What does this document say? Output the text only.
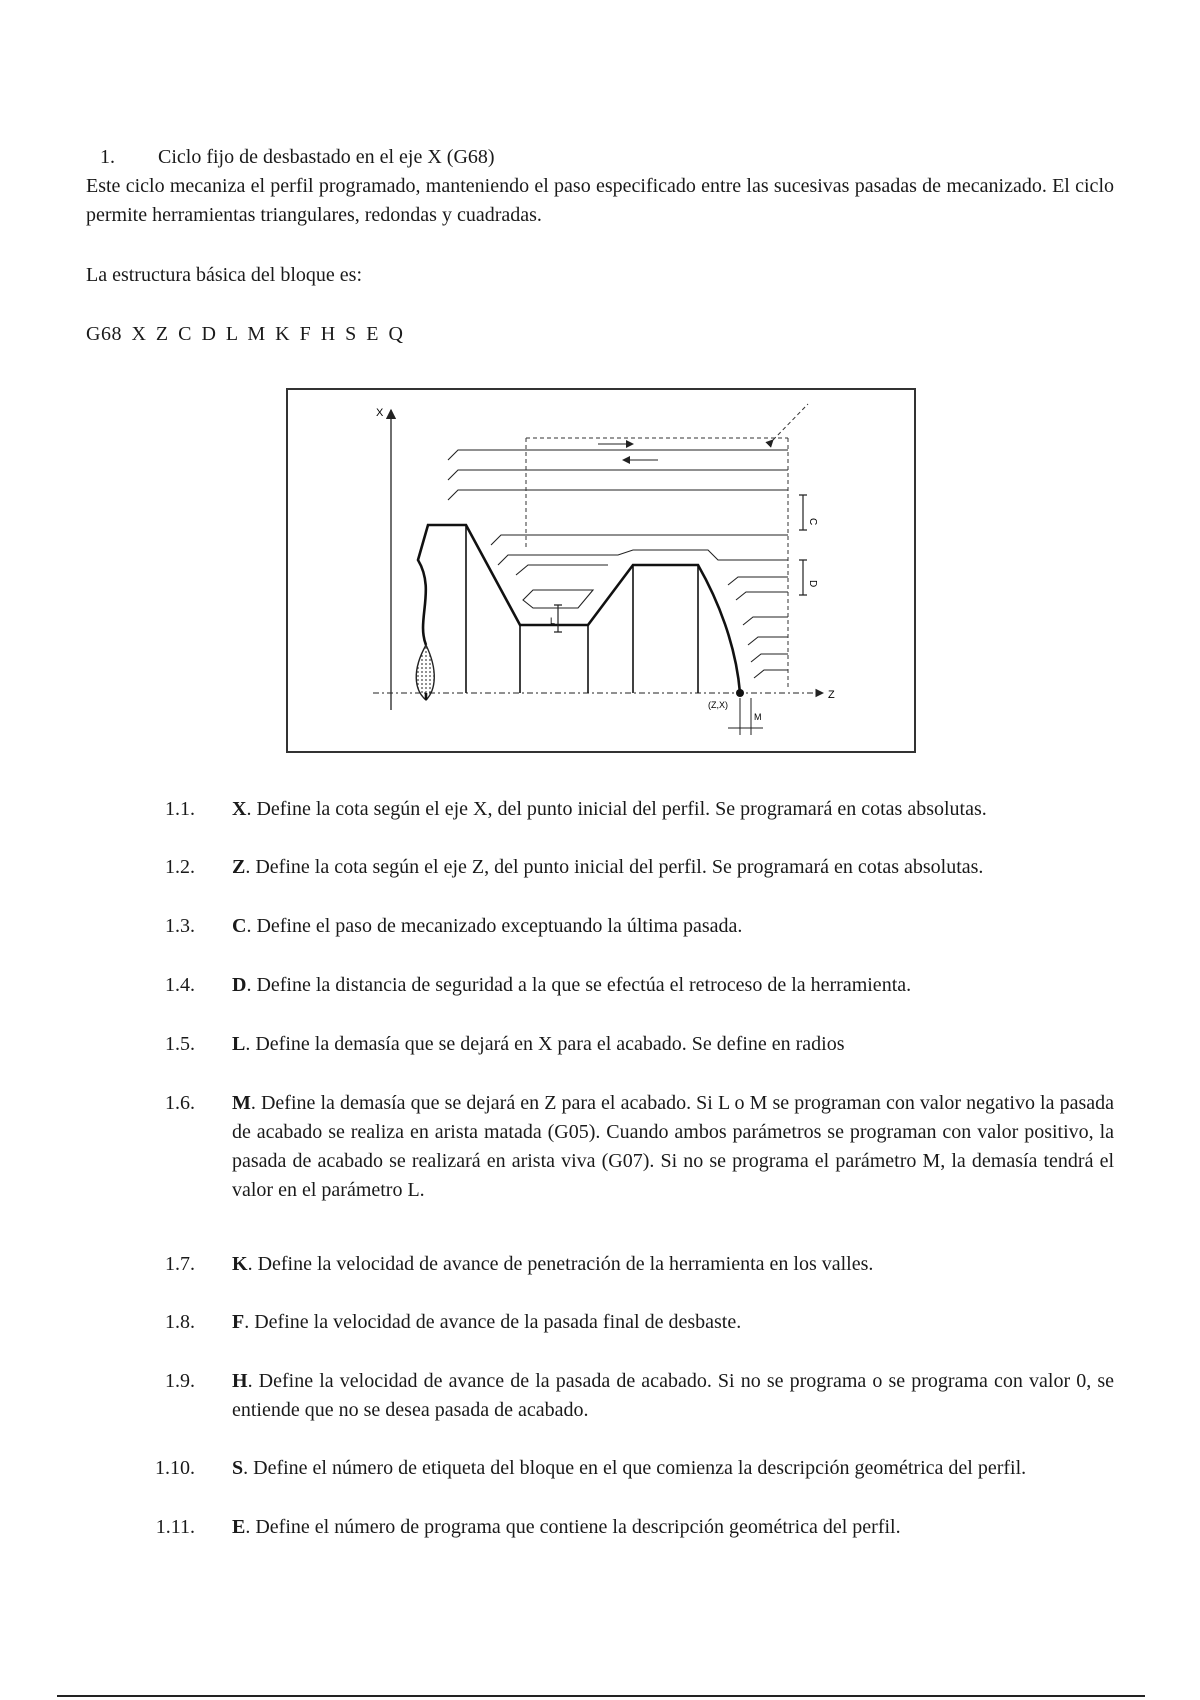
1. Ciclo fijo de desbastado en el eje X (G68)
Este ciclo mecaniza el perfil programado, manteniendo el paso especificado entre las sucesivas pasadas de mecanizado. El ciclo permite herramientas triangulares, redondas y cuadradas.
La estructura básica del bloque es:
G68 X Z C D L M K F H S E Q
X
Z
C
D
L
M
(Z,X)
1.1. X. Define la cota según el eje X, del punto inicial del perfil. Se programará en cotas absolutas.
1.2. Z. Define la cota según el eje Z, del punto inicial del perfil. Se programará en cotas absolutas.
1.3. C. Define el paso de mecanizado exceptuando la última pasada.
1.4. D. Define la distancia de seguridad a la que se efectúa el retroceso de la herramienta.
1.5. L. Define la demasía que se dejará en X para el acabado. Se define en radios
1.6. M. Define la demasía que se dejará en Z para el acabado. Si L o M se programan con valor negativo la pasada de acabado se realiza en arista matada (G05). Cuando ambos parámetros se programan con valor positivo, la pasada de acabado se realizará en arista viva (G07). Si no se programa el parámetro M, la demasía tendrá el valor en el parámetro L.
1.7. K. Define la velocidad de avance de penetración de la herramienta en los valles.
1.8. F. Define la velocidad de avance de la pasada final de desbaste.
1.9. H. Define la velocidad de avance de la pasada de acabado. Si no se programa o se programa con valor 0, se entiende que no se desea pasada de acabado.
1.10. S. Define el número de etiqueta del bloque en el que comienza la descripción geométrica del perfil.
1.11. E. Define el número de programa que contiene la descripción geométrica del perfil.
